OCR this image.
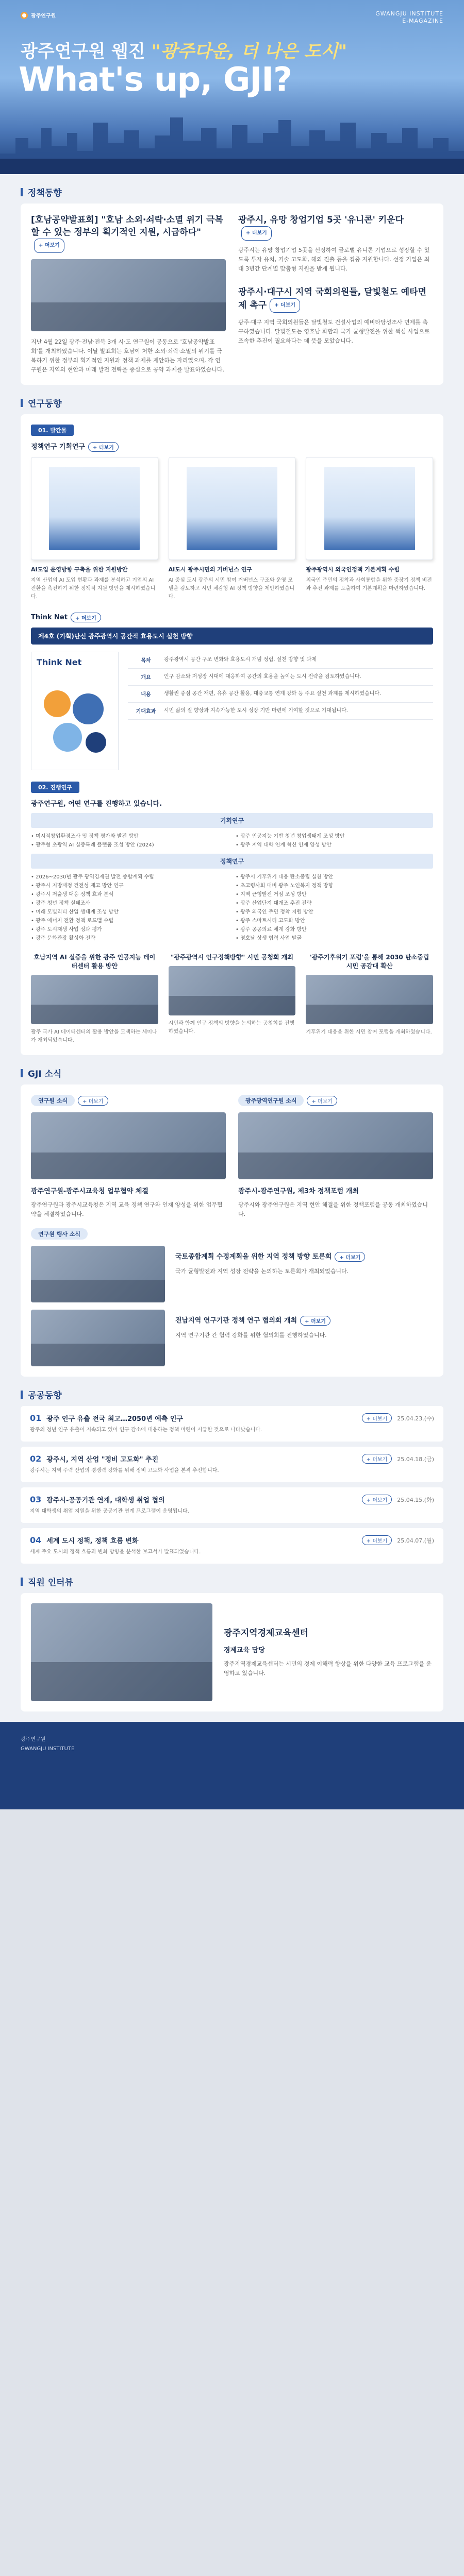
광주연구원	GWANGJU INSTITUTE
E-MAGAZINE
광주연구원 웹진 "광주다운, 더 나은 도시"
What's up, GJI?
정책동향
[호남공약발표회] "호남 소외·쇠락·소멸 위기 극복할 수 있는 정부의 획기적인 지원, 시급하다"+ 더보기
지난 4월 22일 광주·전남·전북 3개 시·도 연구원이 공동으로 '호남공약발표회'를 개최하였습니다. 이날 발표회는 호남이 처한 소외·쇠락·소멸의 위기를 극복하기 위한 정부의 획기적인 지원과 정책 과제를 제안하는 자리였으며, 각 연구원은 지역의 현안과 미래 발전 전략을 중심으로 공약 과제를 발표하였습니다.
광주시, 유망 창업기업 5곳 '유니콘' 키운다+ 더보기
광주시는 유망 창업기업 5곳을 선정하여 글로벌 유니콘 기업으로 성장할 수 있도록 투자 유치, 기술 고도화, 해외 진출 등을 집중 지원합니다. 선정 기업은 최대 3년간 단계별 맞춤형 지원을 받게 됩니다.
광주시·대구시 지역 국회의원들, 달빛철도 예타면제 촉구 + 더보기
광주·대구 지역 국회의원들은 달빛철도 건설사업의 예비타당성조사 면제를 촉구하였습니다. 달빛철도는 영호남 화합과 국가 균형발전을 위한 핵심 사업으로 조속한 추진이 필요하다는 데 뜻을 모았습니다.
연구동향
01. 발간물
정책연구 기획연구 + 더보기
AI도입 운영방향 구축을 위한 지원방안
지역 산업의 AI 도입 현황과 과제를 분석하고 기업의 AI 전환을 촉진하기 위한 정책적 지원 방안을 제시하였습니다.
AI도시 광주시민의 거버넌스 연구
AI 중심 도시 광주의 시민 참여 거버넌스 구조와 운영 모델을 검토하고 시민 체감형 AI 정책 방향을 제안하였습니다.
광주광역시 외국인정책 기본계획 수립
외국인 주민의 정착과 사회통합을 위한 중장기 정책 비전과 추진 과제를 도출하여 기본계획을 마련하였습니다.
Think Net + 더보기
제4호 (기획)단신 광주광역시 공간적 효용도시 실천 방향
Think Net	목차	광주광역시 공간 구조 변화와 효용도시 개념 정립, 실천 방향 및 과제
개요	인구 감소와 저성장 시대에 대응하여 공간의 효용을 높이는 도시 전략을 검토하였습니다.
내용	생활권 중심 공간 재편, 유휴 공간 활용, 대중교통 연계 강화 등 주요 실천 과제를 제시하였습니다.
기대효과	시민 삶의 질 향상과 지속가능한 도시 성장 기반 마련에 기여할 것으로 기대됩니다.
02. 진행연구
광주연구원, 어떤 연구를 진행하고 있습니다.
기획연구
• 미시적창업환경조사 및 정책 평가와 발전 방안
• 광주형 초광역 AI 실증특례 플랫폼 조성 방안 (2024)
• 광주 인공지능 기반 청년 창업생태계 조성 방안
• 광주 지역 대학 연계 혁신 인재 양성 방안
정책연구
• 2026~2030년 광주 광역경제권 발전 종합계획 수립
• 광주시 지방재정 건전성 제고 방안 연구
• 광주시 저출생 대응 정책 효과 분석
• 광주 청년 정책 실태조사
• 미래 모빌리티 산업 생태계 조성 방안
• 광주 에너지 전환 정책 로드맵 수립
• 광주 도시재생 사업 성과 평가
• 광주 문화관광 활성화 전략
• 광주시 기후위기 대응 탄소중립 실천 방안
• 초고령사회 대비 광주 노인복지 정책 방향
• 지역 균형발전 거점 조성 방안
• 광주 산업단지 대개조 추진 전략
• 광주 외국인 주민 정착 지원 방안
• 광주 스마트시티 고도화 방안
• 광주 공공의료 체계 강화 방안
• 영호남 상생 협력 사업 발굴
호남지역 AI 실증을 위한 광주 인공지능 데이터센터 활용 방안
광주 국가 AI 데이터센터의 활용 방안을 모색하는 세미나가 개최되었습니다.
"광주광역시 인구정책방향" 시민 공청회 개최
시민과 함께 인구 정책의 방향을 논의하는 공청회를 진행하였습니다.
'광주기후위기 포럼'을 통해 2030 탄소중립 시민 공감대 확산
기후위기 대응을 위한 시민 참여 포럼을 개최하였습니다.
GJI 소식
연구원 소식	+ 더보기
광주연구원-광주시교육청 업무협약 체결
광주연구원과 광주시교육청은 지역 교육 정책 연구와 인재 양성을 위한 업무협약을 체결하였습니다.
광주광역연구원 소식	+ 더보기
광주시-광주연구원, 제3차 정책포럼 개최
광주시와 광주연구원은 지역 현안 해결을 위한 정책포럼을 공동 개최하였습니다.
연구원 행사 소식
국토종합계획 수정계획을 위한 지역 정책 방향 토론회 + 더보기
국가 균형발전과 지역 성장 전략을 논의하는 토론회가 개최되었습니다.
전남지역 연구기관 정책 연구 협의회 개최 + 더보기
지역 연구기관 간 협력 강화를 위한 협의회를 진행하였습니다.
공공동향
01 광주 인구 유출 전국 최고…2050년 예측 인구	+ 더보기	25.04.23.(수)
광주의 청년 인구 유출이 지속되고 있어 인구 감소에 대응하는 정책 마련이 시급한 것으로 나타났습니다.
02 광주시, 지역 산업 "정비 고도화" 추진	+ 더보기	25.04.18.(금)
광주시는 지역 주력 산업의 경쟁력 강화를 위해 정비 고도화 사업을 본격 추진합니다.
03 광주시-공공기관 연계, 대학생 취업 협의	+ 더보기	25.04.15.(화)
지역 대학생의 취업 지원을 위한 공공기관 연계 프로그램이 운영됩니다.
04 세계 도시 정책, 정책 흐름 변화	+ 더보기	25.04.07.(월)
세계 주요 도시의 정책 흐름과 변화 방향을 분석한 보고서가 발표되었습니다.
직원 인터뷰
광주지역경제교육센터
경제교육 담당
광주지역경제교육센터는 시민의 경제 이해력 향상을 위한 다양한 교육 프로그램을 운영하고 있습니다.
광주연구원
GWANGJU INSTITUTE
